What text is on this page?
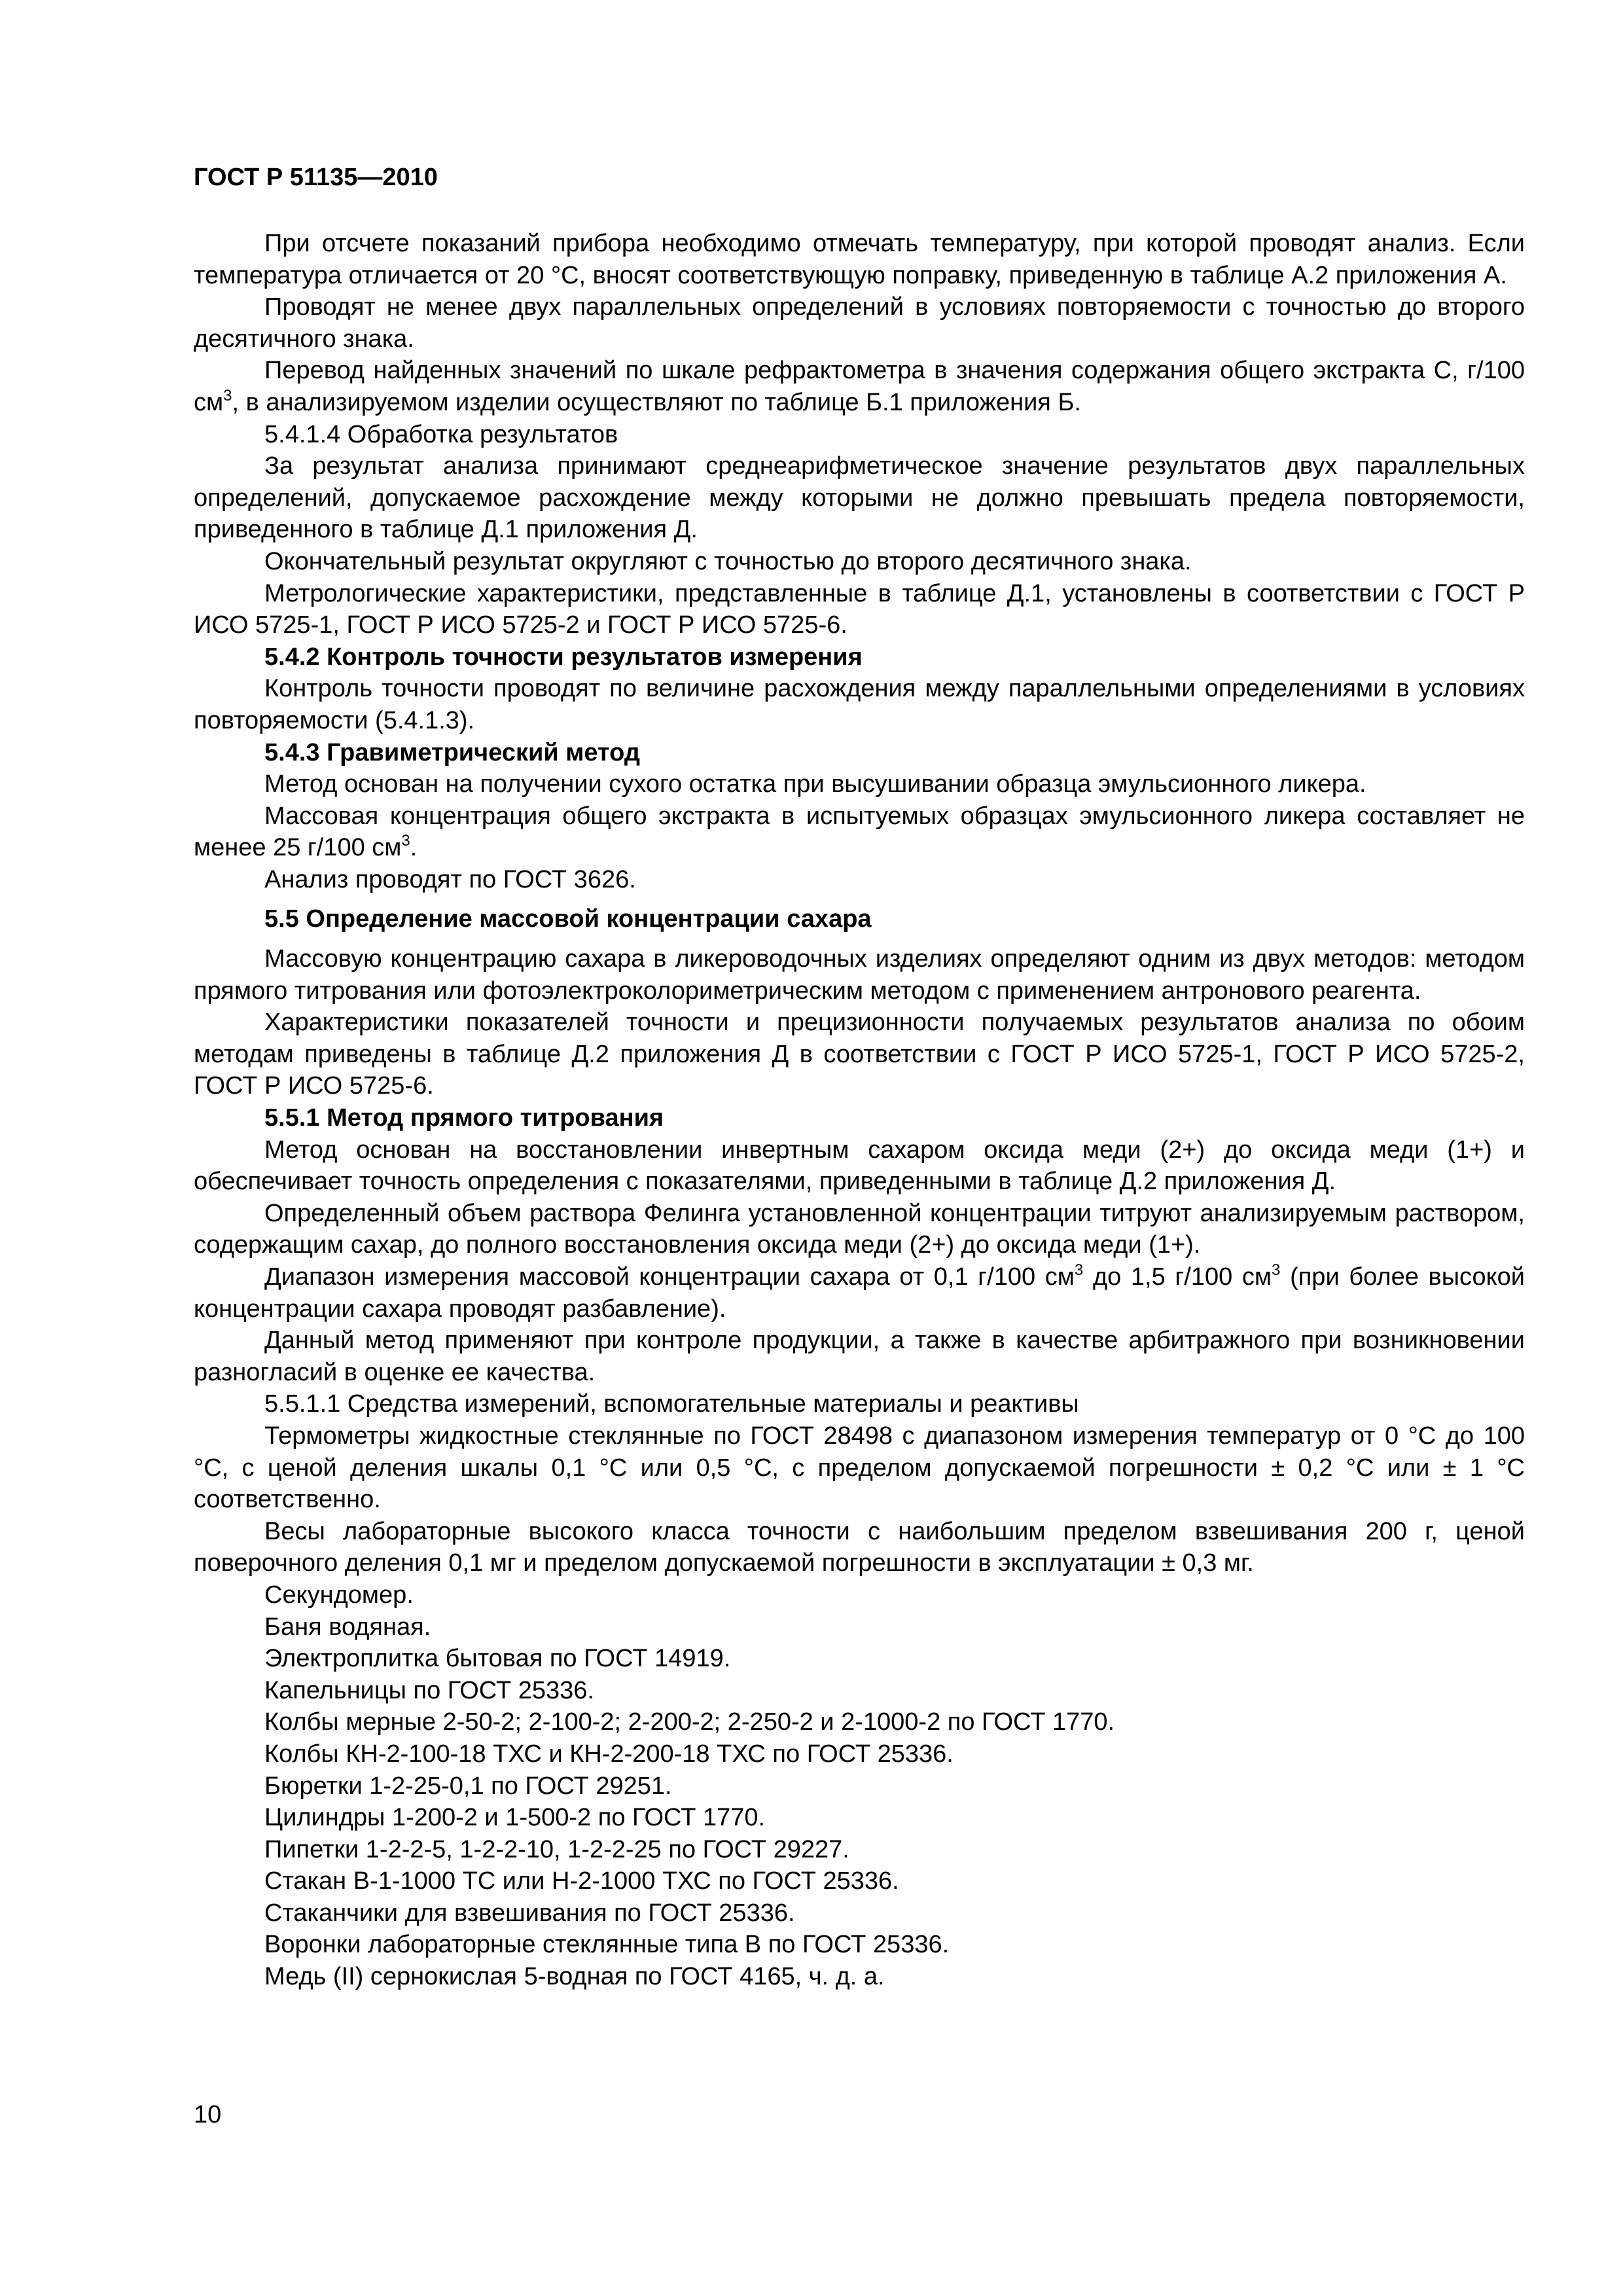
ГОСТ Р 51135—2010

При отсчете показаний прибора необходимо отмечать температуру, при которой проводят анализ. Если температура отличается от 20 °С, вносят соответствующую поправку, приведенную в таблице А.2 приложения А.

Проводят не менее двух параллельных определений в условиях повторяемости с точностью до второго десятичного знака.

Перевод найденных значений по шкале рефрактометра в значения содержания общего экстракта С, г/100 $см^3$, в анализируемом изделии осуществляют по таблице Б.1 приложения Б.

5.4.1.4 Обработка результатов

За результат анализа принимают среднеарифметическое значение результатов двух параллельных определений, допускаемое расхождение между которыми не должно превышать предела повторяемости, приведенного в таблице Д.1 приложения Д.

Окончательный результат округляют с точностью до второго десятичного знака.

Метрологические характеристики, представленные в таблице Д.1, установлены в соответствии с ГОСТ Р ИСО 5725-1, ГОСТ Р ИСО 5725-2 и ГОСТ Р ИСО 5725-6.

5.4.2 Контроль точности результатов измерения

Контроль точности проводят по величине расхождения между параллельными определениями в условиях повторяемости (5.4.1.3).

5.4.3 Гравиметрический метод

Метод основан на получении сухого остатка при высушивании образца эмульсионного ликера.

Массовая концентрация общего экстракта в испытуемых образцах эмульсионного ликера составляет не менее 25 г/100 $см^3$.

Анализ проводят по ГОСТ 3626.

5.5 Определение массовой концентрации сахара

Массовую концентрацию сахара в ликероводочных изделиях определяют одним из двух методов: методом прямого титрования или фотоэлектроколориметрическим методом с применением антронового реагента.

Характеристики показателей точности и прецизионности получаемых результатов анализа по обоим методам приведены в таблице Д.2 приложения Д в соответствии с ГОСТ Р ИСО 5725-1, ГОСТ Р ИСО 5725-2, ГОСТ Р ИСО 5725-6.

5.5.1 Метод прямого титрования

Метод основан на восстановлении инвертным сахаром оксида меди (2+) до оксида меди (1+) и обеспечивает точность определения с показателями, приведенными в таблице Д.2 приложения Д.

Определенный объем раствора Фелинга установленной концентрации титруют анализируемым раствором, содержащим сахар, до полного восстановления оксида меди (2+) до оксида меди (1+).

Диапазон измерения массовой концентрации сахара от 0,1 г/100 $см^3$ до 1,5 г/100 $см^3$ (при более высокой концентрации сахара проводят разбавление).

Данный метод применяют при контроле продукции, а также в качестве арбитражного при возникновении разногласий в оценке ее качества.

5.5.1.1 Средства измерений, вспомогательные материалы и реактивы

Термометры жидкостные стеклянные по ГОСТ 28498 с диапазоном измерения температур от 0 °С до 100 °С, с ценой деления шкалы 0,1 °С или 0,5 °С, с пределом допускаемой погрешности ± 0,2 °С или ± 1 °С соответственно.

Весы лабораторные высокого класса точности с наибольшим пределом взвешивания 200 г, ценой поверочного деления 0,1 мг и пределом допускаемой погрешности в эксплуатации ± 0,3 мг.

Секундомер.

Баня водяная.

Электроплитка бытовая по ГОСТ 14919.

Капельницы по ГОСТ 25336.

Колбы мерные 2-50-2; 2-100-2; 2-200-2; 2-250-2 и 2-1000-2 по ГОСТ 1770.

Колбы КН-2-100-18 ТХС и КН-2-200-18 ТХС по ГОСТ 25336.

Бюретки 1-2-25-0,1 по ГОСТ 29251.

Цилиндры 1-200-2 и 1-500-2 по ГОСТ 1770.

Пипетки 1-2-2-5, 1-2-2-10, 1-2-2-25 по ГОСТ 29227.

Стакан В-1-1000 ТС или Н-2-1000 ТХС по ГОСТ 25336.

Стаканчики для взвешивания по ГОСТ 25336.

Воронки лабораторные стеклянные типа В по ГОСТ 25336.

Медь (II) сернокислая 5-водная по ГОСТ 4165, ч. д. а.

10
